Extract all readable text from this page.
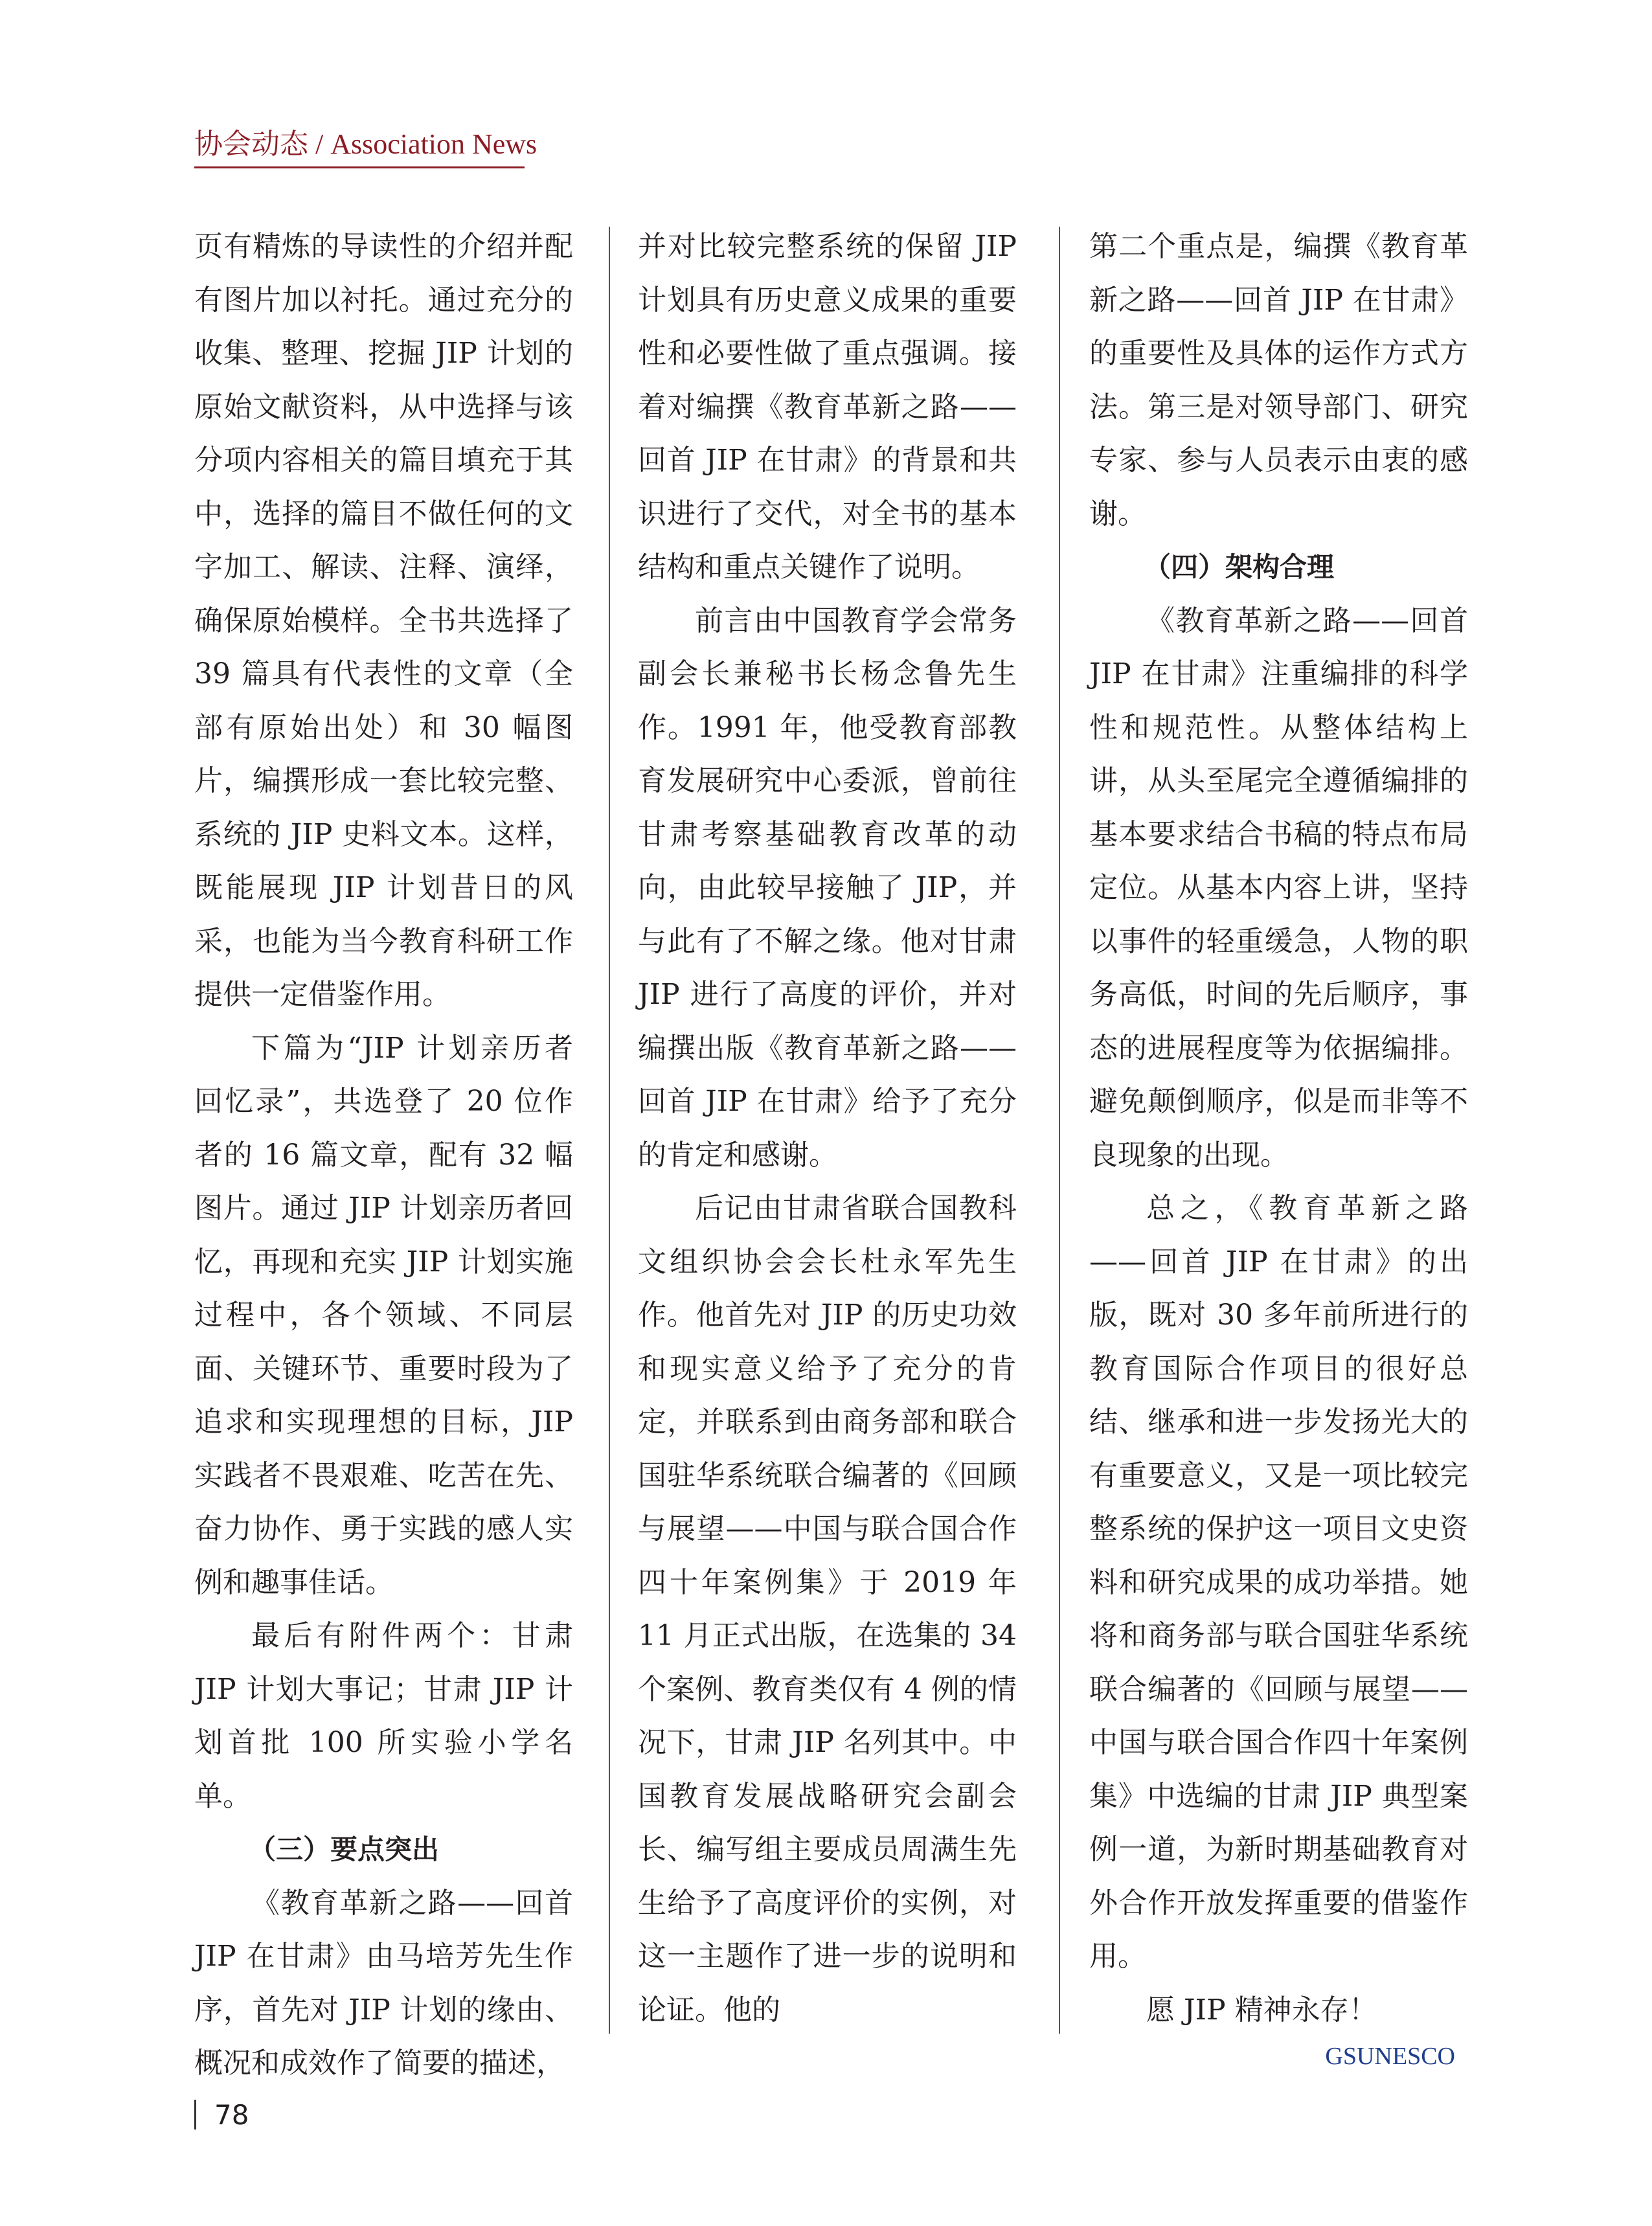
协会动态 / Association News

页有精炼的导读性的介绍并配有图片加以衬托。通过充分的收集、整理、挖掘 JIP 计划的原始文献资料，从中选择与该分项内容相关的篇目填充于其中，选择的篇目不做任何的文字加工、解读、注释、演绎，确保原始模样。全书共选择了 39 篇具有代表性的文章（全部有原始出处）和 30 幅图片，编撰形成一套比较完整、系统的 JIP 史料文本。这样，既能展现 JIP 计划昔日的风采，也能为当今教育科研工作提供一定借鉴作用。

下篇为“JIP 计划亲历者回忆录”，共选登了 20 位作者的 16 篇文章，配有 32 幅图片。通过 JIP 计划亲历者回忆，再现和充实 JIP 计划实施过程中，各个领域、不同层面、关键环节、重要时段为了追求和实现理想的目标，JIP 实践者不畏艰难、吃苦在先、奋力协作、勇于实践的感人实例和趣事佳话。

最后有附件两个：甘肃 JIP 计划大事记；甘肃 JIP 计划首批 100 所实验小学名单。

（三）要点突出

《教育革新之路——回首 JIP 在甘肃》由马培芳先生作序，首先对 JIP 计划的缘由、概况和成效作了简要的描述，

并对比较完整系统的保留 JIP 计划具有历史意义成果的重要性和必要性做了重点强调。接着对编撰《教育革新之路——回首 JIP 在甘肃》的背景和共识进行了交代，对全书的基本结构和重点关键作了说明。

前言由中国教育学会常务副会长兼秘书长杨念鲁先生作。1991 年，他受教育部教育发展研究中心委派，曾前往甘肃考察基础教育改革的动向，由此较早接触了 JIP，并与此有了不解之缘。他对甘肃 JIP 进行了高度的评价，并对编撰出版《教育革新之路——回首 JIP 在甘肃》给予了充分的肯定和感谢。

后记由甘肃省联合国教科文组织协会会长杜永军先生作。他首先对 JIP 的历史功效和现实意义给予了充分的肯定，并联系到由商务部和联合国驻华系统联合编著的《回顾与展望——中国与联合国合作四十年案例集》于 2019 年 11 月正式出版，在选集的 34 个案例、教育类仅有 4 例的情况下，甘肃 JIP 名列其中。中国教育发展战略研究会副会长、编写组主要成员周满生先生给予了高度评价的实例，对这一主题作了进一步的说明和论证。他的

第二个重点是，编撰《教育革新之路——回首 JIP 在甘肃》的重要性及具体的运作方式方法。第三是对领导部门、研究专家、参与人员表示由衷的感谢。

（四）架构合理

《教育革新之路——回首 JIP 在甘肃》注重编排的科学性和规范性。从整体结构上讲，从头至尾完全遵循编排的基本要求结合书稿的特点布局定位。从基本内容上讲，坚持以事件的轻重缓急，人物的职务高低，时间的先后顺序，事态的进展程度等为依据编排。避免颠倒顺序，似是而非等不良现象的出现。

总之，《教育革新之路——回首 JIP 在甘肃》的出版，既对 30 多年前所进行的教育国际合作项目的很好总结、继承和进一步发扬光大的有重要意义，又是一项比较完整系统的保护这一项目文史资料和研究成果的成功举措。她将和商务部与联合国驻华系统联合编著的《回顾与展望——中国与联合国合作四十年案例集》中选编的甘肃 JIP 典型案例一道，为新时期基础教育对外合作开放发挥重要的借鉴作用。

愿 JIP 精神永存！

GSUNESCO
78
